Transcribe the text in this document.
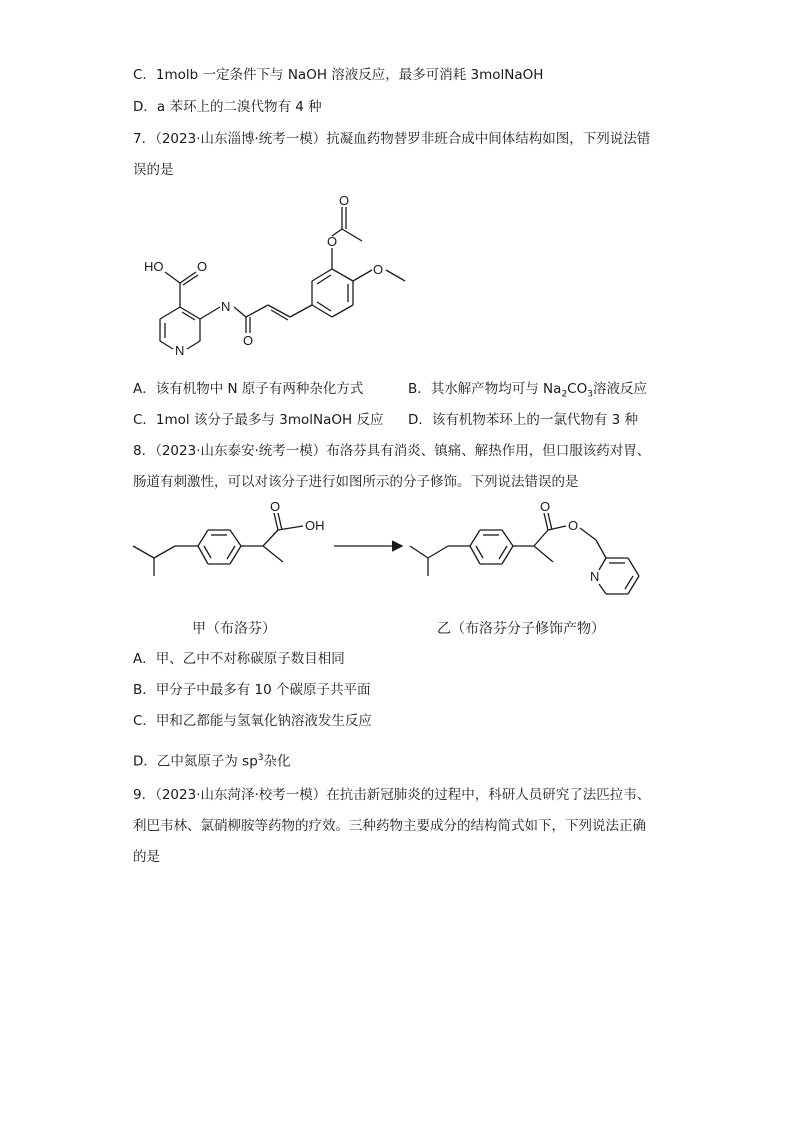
C．1molb 一定条件下与 NaOH 溶液反应，最多可消耗 3molNaOH
D．a 苯环上的二溴代物有 4 种
7．（2023·山东淄博·统考一模）抗凝血药物替罗非班合成中间体结构如图，下列说法错
误的是
HO	O
N
N
O
O
O
O
A．该有机物中 N 原子有两种杂化方式	B．其水解产物均可与 $Na_2CO_3$溶液反应
C．1mol 该分子最多与 3molNaOH 反应 D．该有机物苯环上的一氯代物有 3 种
8．（2023·山东泰安·统考一模）布洛芬具有消炎、镇痛、解热作用，但口服该药对胃、
肠道有刺激性，可以对该分子进行如图所示的分子修饰。下列说法错误的是
O
OH
O
O
N
甲（布洛芬）	乙（布洛芬分子修饰产物）
A．甲、乙中不对称碳原子数目相同
B．甲分子中最多有 10 个碳原子共平面
C．甲和乙都能与氢氧化钠溶液发生反应
D．乙中氮原子为 $sp^3$杂化
9．（2023·山东菏泽·校考一模）在抗击新冠肺炎的过程中，科研人员研究了法匹拉韦、
利巴韦林、氯硝柳胺等药物的疗效。三种药物主要成分的结构简式如下，下列说法正确
的是
